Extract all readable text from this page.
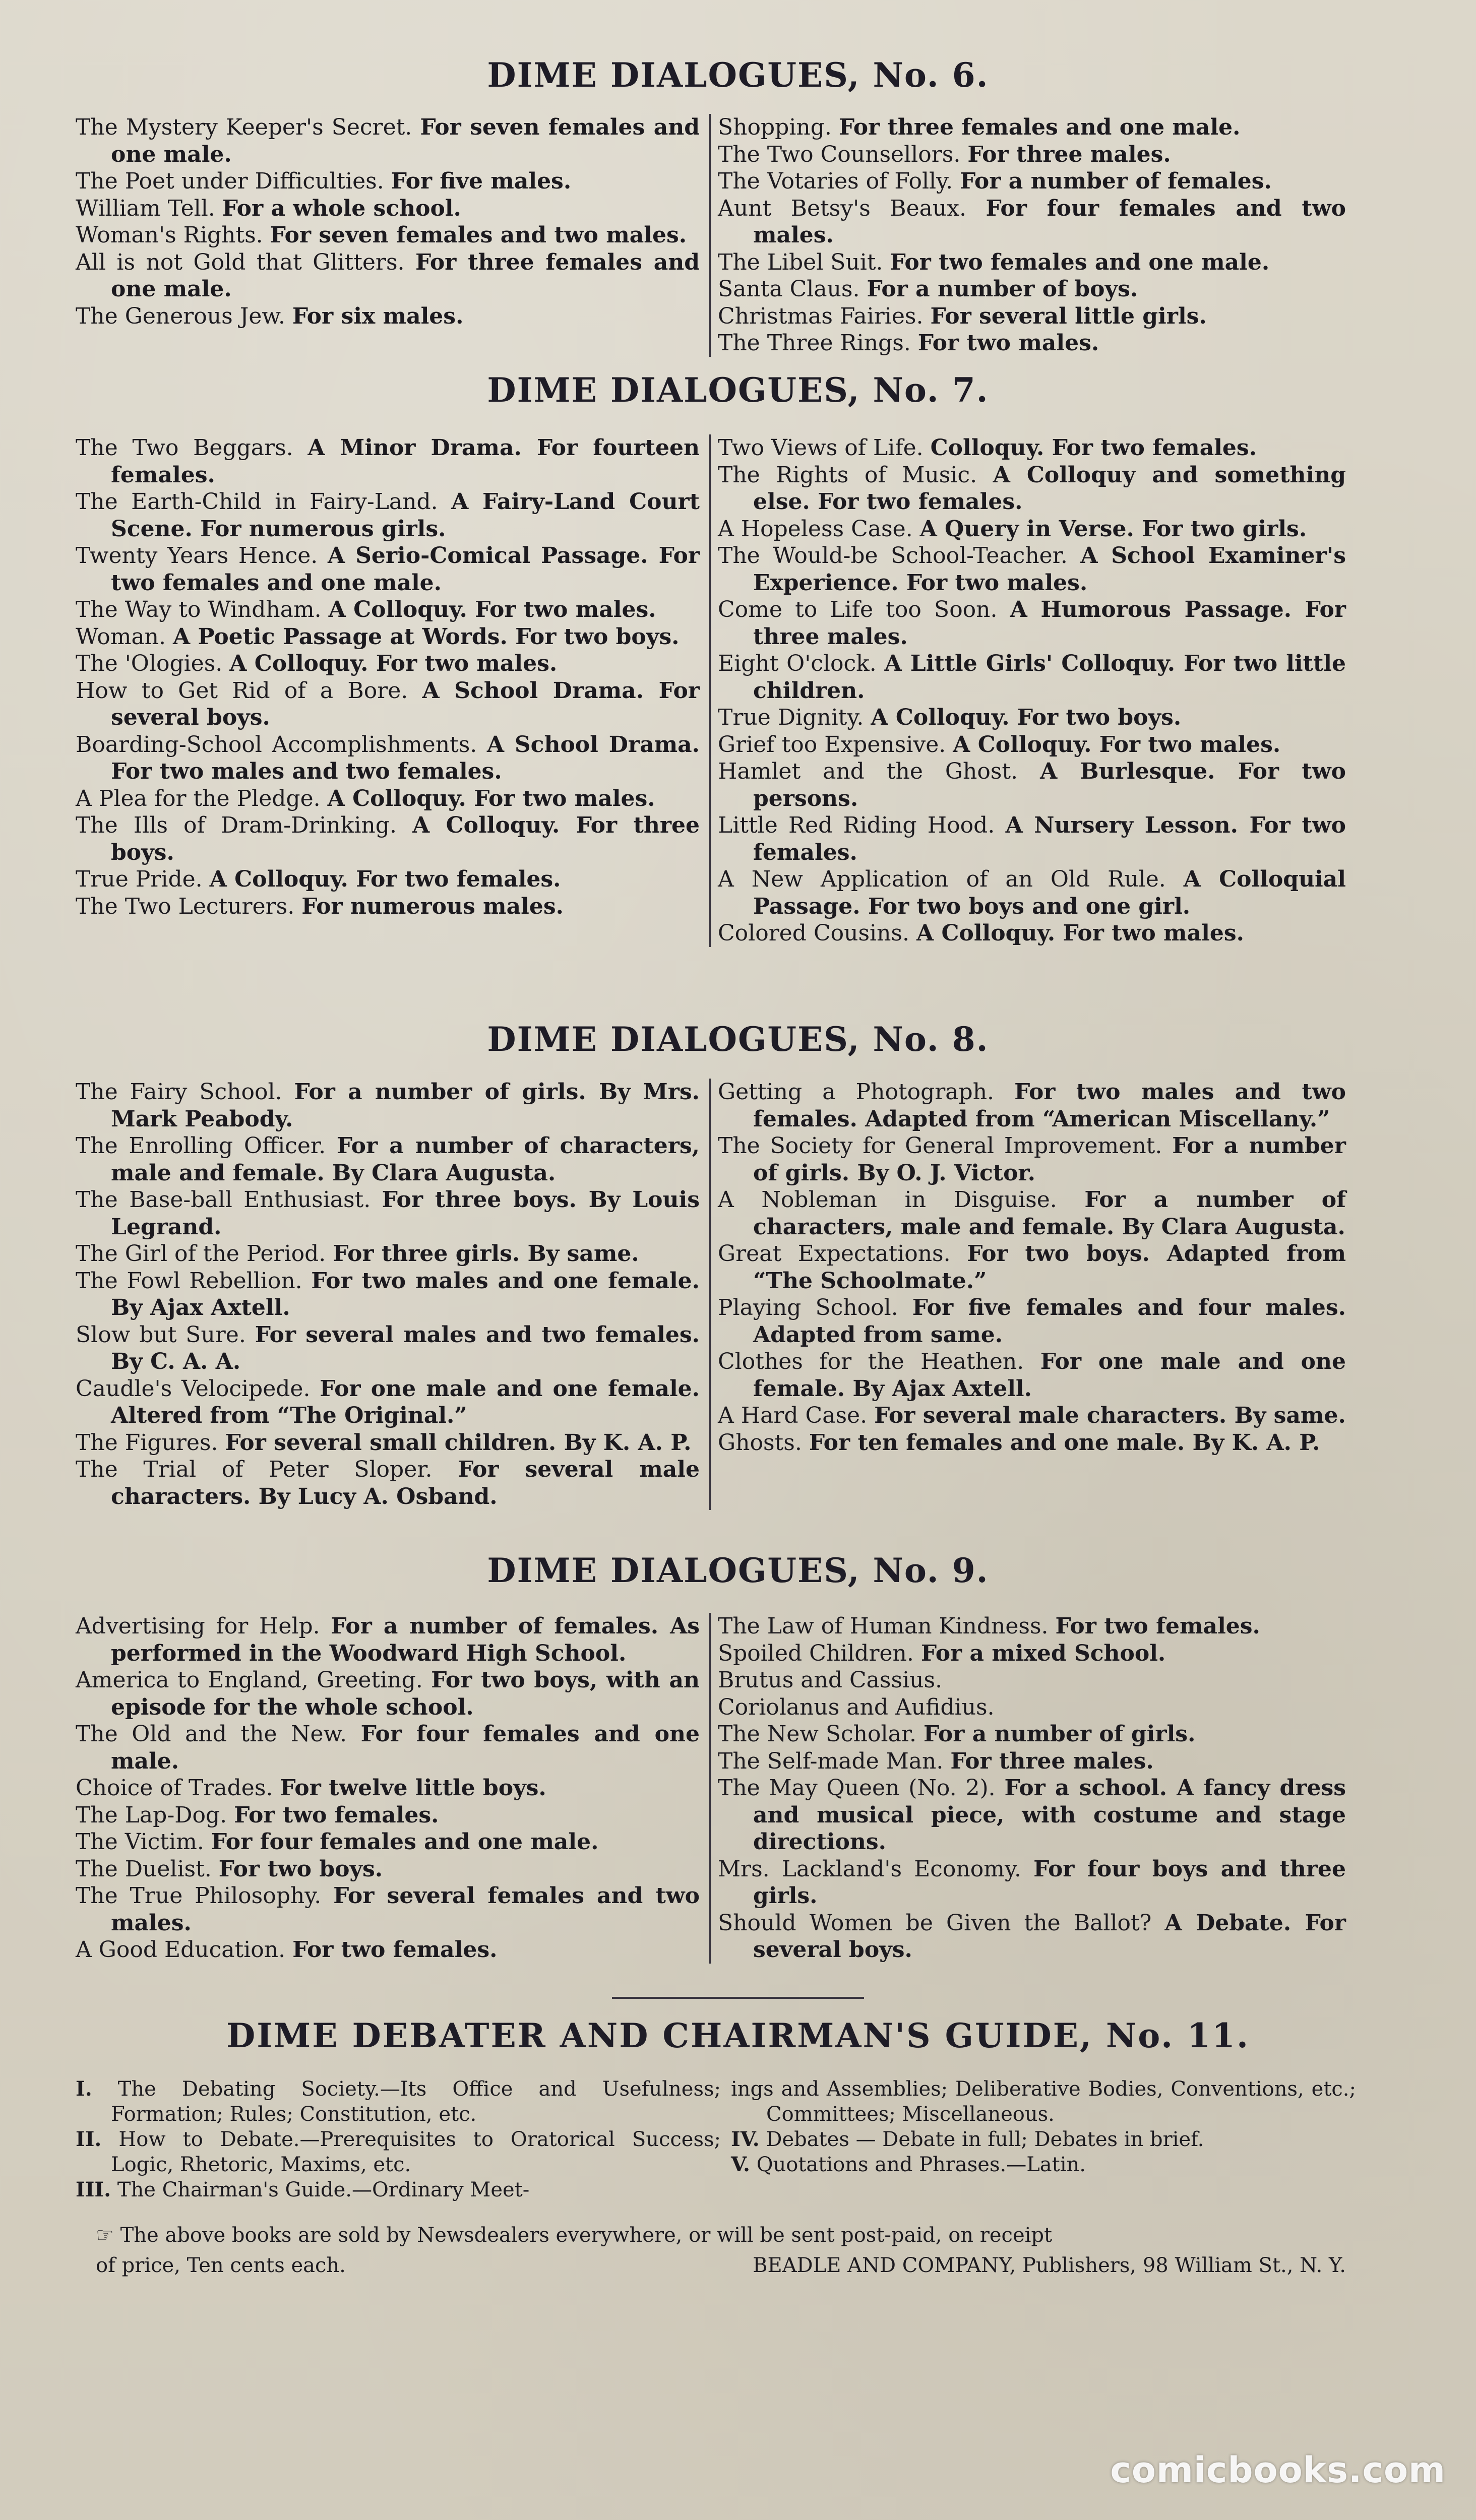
DIME DIALOGUES, No. 6.

The Mystery Keeper's Secret. For seven females and one male.

The Poet under Difficulties. For five males.

William Tell. For a whole school.

Woman's Rights. For seven females and two males.

All is not Gold that Glitters. For three females and one male.

The Generous Jew. For six males.

Shopping. For three females and one male.

The Two Counsellors. For three males.

The Votaries of Folly. For a number of females.

Aunt Betsy's Beaux. For four females and two males.

The Libel Suit. For two females and one male.

Santa Claus. For a number of boys.

Christmas Fairies. For several little girls.

The Three Rings. For two males.

DIME DIALOGUES, No. 7.

The Two Beggars. A Minor Drama. For fourteen females.

The Earth-Child in Fairy-Land. A Fairy-Land Court Scene. For numerous girls.

Twenty Years Hence. A Serio-Comical Passage. For two females and one male.

The Way to Windham. A Colloquy. For two males.

Woman. A Poetic Passage at Words. For two boys.

The 'Ologies. A Colloquy. For two males.

How to Get Rid of a Bore. A School Drama. For several boys.

Boarding-School Accomplishments. A School Drama. For two males and two females.

A Plea for the Pledge. A Colloquy. For two males.

The Ills of Dram-Drinking. A Colloquy. For three boys.

True Pride. A Colloquy. For two females.

The Two Lecturers. For numerous males.

Two Views of Life. Colloquy. For two females.

The Rights of Music. A Colloquy and something else. For two females.

A Hopeless Case. A Query in Verse. For two girls.

The Would-be School-Teacher. A School Examiner's Experience. For two males.

Come to Life too Soon. A Humorous Passage. For three males.

Eight O'clock. A Little Girls' Colloquy. For two little children.

True Dignity. A Colloquy. For two boys.

Grief too Expensive. A Colloquy. For two males.

Hamlet and the Ghost. A Burlesque. For two persons.

Little Red Riding Hood. A Nursery Lesson. For two females.

A New Application of an Old Rule. A Colloquial Passage. For two boys and one girl.

Colored Cousins. A Colloquy. For two males.

DIME DIALOGUES, No. 8.

The Fairy School. For a number of girls. By Mrs. Mark Peabody.

The Enrolling Officer. For a number of characters, male and female. By Clara Augusta.

The Base-ball Enthusiast. For three boys. By Louis Legrand.

The Girl of the Period. For three girls. By same.

The Fowl Rebellion. For two males and one female. By Ajax Axtell.

Slow but Sure. For several males and two females. By C. A. A.

Caudle's Velocipede. For one male and one female. Altered from “The Original.”

The Figures. For several small children. By K. A. P.

The Trial of Peter Sloper. For several male characters. By Lucy A. Osband.

Getting a Photograph. For two males and two females. Adapted from “American Miscellany.”

The Society for General Improvement. For a number of girls. By O. J. Victor.

A Nobleman in Disguise. For a number of characters, male and female. By Clara Augusta.

Great Expectations. For two boys. Adapted from “The Schoolmate.”

Playing School. For five females and four males. Adapted from same.

Clothes for the Heathen. For one male and one female. By Ajax Axtell.

A Hard Case. For several male characters. By same.

Ghosts. For ten females and one male. By K. A. P.

DIME DIALOGUES, No. 9.

Advertising for Help. For a number of females. As performed in the Woodward High School.

America to England, Greeting. For two boys, with an episode for the whole school.

The Old and the New. For four females and one male.

Choice of Trades. For twelve little boys.

The Lap-Dog. For two females.

The Victim. For four females and one male.

The Duelist. For two boys.

The True Philosophy. For several females and two males.

A Good Education. For two females.

The Law of Human Kindness. For two females.

Spoiled Children. For a mixed School.

Brutus and Cassius.

Coriolanus and Aufidius.

The New Scholar. For a number of girls.

The Self-made Man. For three males.

The May Queen (No. 2). For a school. A fancy dress and musical piece, with costume and stage directions.

Mrs. Lackland's Economy. For four boys and three girls.

Should Women be Given the Ballot? A Debate. For several boys.

DIME DEBATER AND CHAIRMAN'S GUIDE, No. 11.

I. The Debating Society.—Its Office and Usefulness; Formation; Rules; Constitution, etc.

II. How to Debate.—Prerequisites to Oratorical Success; Logic, Rhetoric, Maxims, etc.

III. The Chairman's Guide.—Ordinary Meet-

ings and Assemblies; Deliberative Bodies, Conventions, etc.; Committees; Miscellaneous.

IV. Debates — Debate in full; Debates in brief.

V. Quotations and Phrases.—Latin.

☞ The above books are sold by Newsdealers everywhere, or will be sent post-paid, on receipt
of price, Ten cents each.	BEADLE AND COMPANY, Publishers, 98 William St., N. Y.
comicbooks.com
